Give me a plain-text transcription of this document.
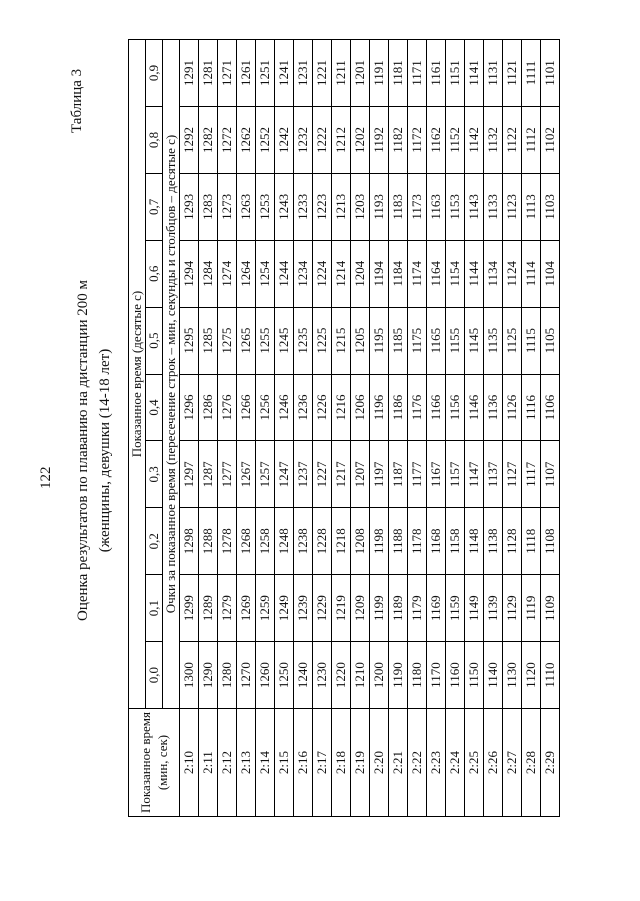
122
Таблица 3
Оценка результатов по плаванию на дистанции 200 м (женщины, девушки (14-18 лет)
Показанное время (мин, сек)	Показанное время (десятые с)									
	0,0	0,1	0,2	0,3	0,4	0,5	0,6	0,7	0,8	0,9
	Очки за показанное время (пересечение строк – мин, секунды и столбцов – десятые с)									
2:10	1300	1299	1298	1297	1296	1295	1294	1293	1292	1291
2:11	1290	1289	1288	1287	1286	1285	1284	1283	1282	1281
2:12	1280	1279	1278	1277	1276	1275	1274	1273	1272	1271
2:13	1270	1269	1268	1267	1266	1265	1264	1263	1262	1261
2:14	1260	1259	1258	1257	1256	1255	1254	1253	1252	1251
2:15	1250	1249	1248	1247	1246	1245	1244	1243	1242	1241
2:16	1240	1239	1238	1237	1236	1235	1234	1233	1232	1231
2:17	1230	1229	1228	1227	1226	1225	1224	1223	1222	1221
2:18	1220	1219	1218	1217	1216	1215	1214	1213	1212	1211
2:19	1210	1209	1208	1207	1206	1205	1204	1203	1202	1201
2:20	1200	1199	1198	1197	1196	1195	1194	1193	1192	1191
2:21	1190	1189	1188	1187	1186	1185	1184	1183	1182	1181
2:22	1180	1179	1178	1177	1176	1175	1174	1173	1172	1171
2:23	1170	1169	1168	1167	1166	1165	1164	1163	1162	1161
2:24	1160	1159	1158	1157	1156	1155	1154	1153	1152	1151
2:25	1150	1149	1148	1147	1146	1145	1144	1143	1142	1141
2:26	1140	1139	1138	1137	1136	1135	1134	1133	1132	1131
2:27	1130	1129	1128	1127	1126	1125	1124	1123	1122	1121
2:28	1120	1119	1118	1117	1116	1115	1114	1113	1112	1111
2:29	1110	1109	1108	1107	1106	1105	1104	1103	1102	1101
